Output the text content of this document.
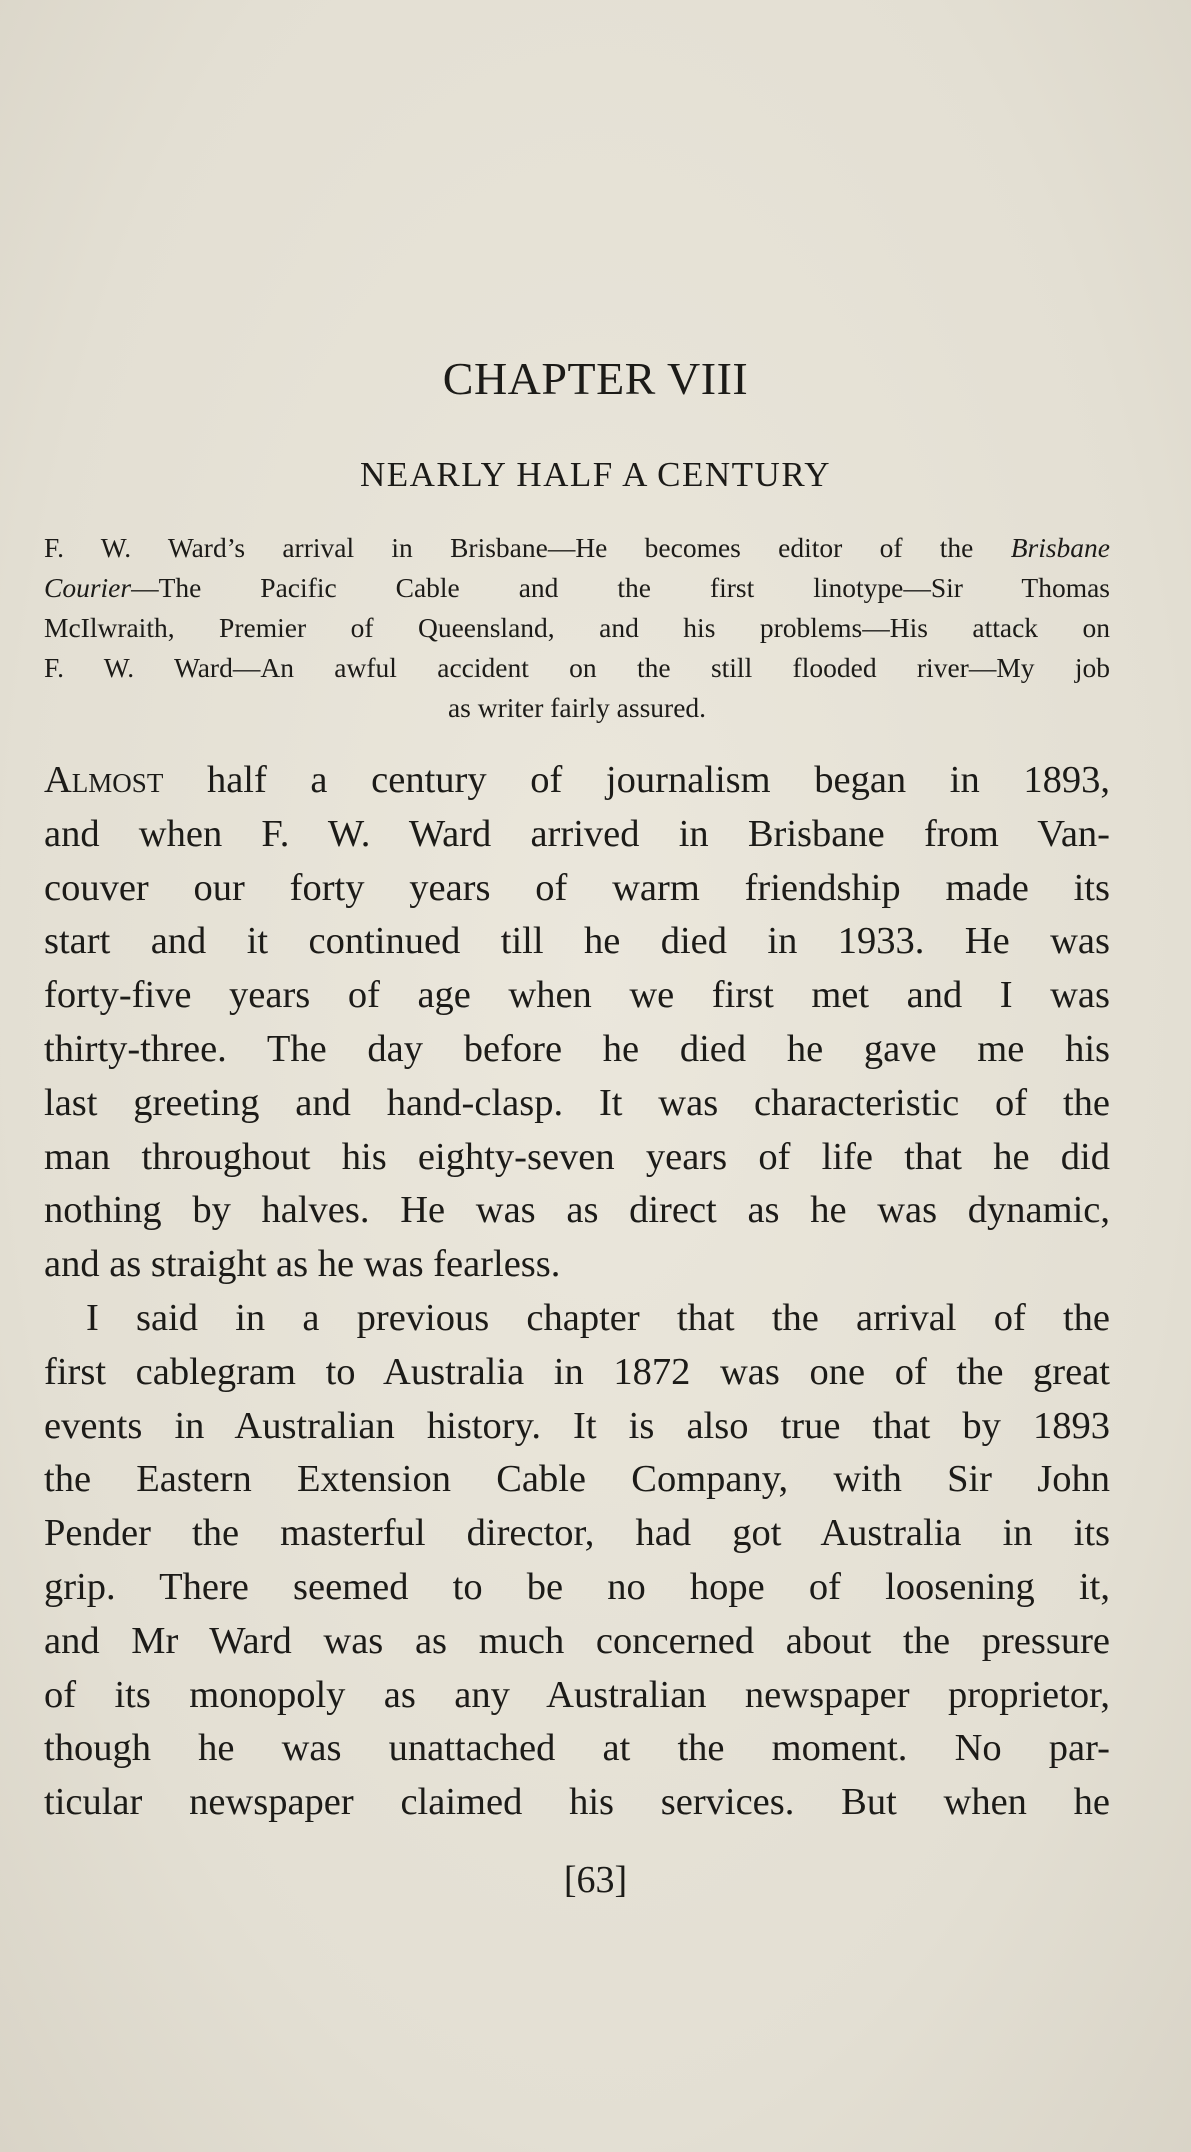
CHAPTER VIII
NEARLY HALF A CENTURY
F. W. Ward’s arrival in Brisbane—He becomes editor of the Brisbane
Courier—The Pacific Cable and the first linotype—Sir Thomas
McIlwraith, Premier of Queensland, and his problems—His attack on
F. W. Ward—An awful accident on the still flooded river—My job
as writer fairly assured.
Almost half a century of journalism began in 1893,
and when F. W. Ward arrived in Brisbane from Van-
couver our forty years of warm friendship made its
start and it continued till he died in 1933. He was
forty-five years of age when we first met and I was
thirty-three. The day before he died he gave me his
last greeting and hand-clasp. It was characteristic of the
man throughout his eighty-seven years of life that he did
nothing by halves. He was as direct as he was dynamic,
and as straight as he was fearless.
I said in a previous chapter that the arrival of the
first cablegram to Australia in 1872 was one of the great
events in Australian history. It is also true that by 1893
the Eastern Extension Cable Company, with Sir John
Pender the masterful director, had got Australia in its
grip. There seemed to be no hope of loosening it,
and Mr Ward was as much concerned about the pressure
of its monopoly as any Australian newspaper proprietor,
though he was unattached at the moment. No par-
ticular newspaper claimed his services. But when he
[63]
